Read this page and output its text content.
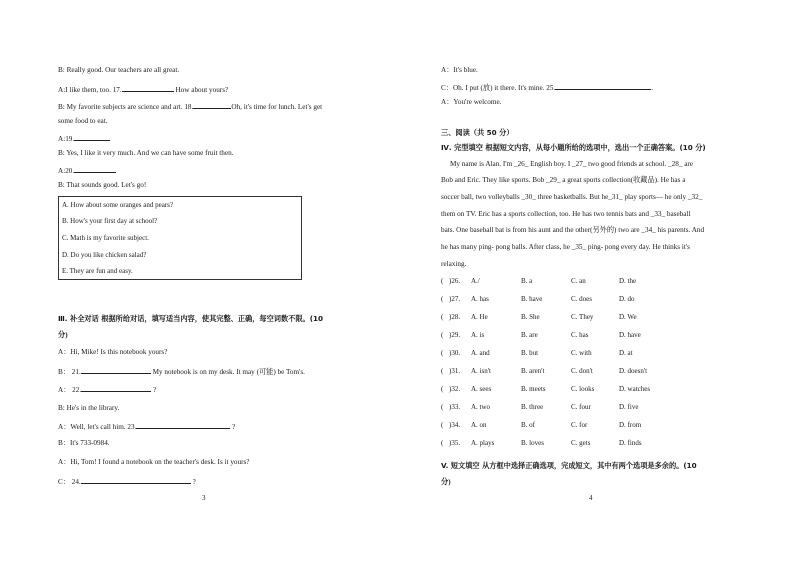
B: Really good. Our teachers are all great.
A:I like them, too. 17.	How about yours?
B: My favorite subjects are science and art. 18.	Oh, it's time for lunch. Let's get
some food to eat.
A:19.
B: Yes, I like it very much. And we can have some fruit then.
A:20.
B: That sounds good. Let's go!
A. How about some oranges and pears?
B. How's your first day at school?
C. Math is my favorite subject.
D. Do you like chicken salad?
E. They are fun and easy.
Ⅲ. 补全对话 根据所给对话，填写适当内容，使其完整、正确，每空词数不限。(10
分)
A：Hi, Mike! Is this notebook yours?
B： 21.	My notebook is on my desk. It may (可能) be Tom's.
A： 22.	?
B: He's in the library.
A：Well, let's call him. 23.	?
B：It's 733-0984.
A：Hi, Tom! I found a notebook on the teacher's desk. Is it yours?
C： 24.	?
3
A：It's blue.
C：Oh. I put (放) it there. It's mine. 25.	.
A：You're welcome.
三、阅读（共 50 分）
Ⅳ. 完型填空 根据短文内容，从每小题所给的选项中，选出一个正确答案。(10 分)
My name is Alan. I'm _26_ English boy. I _27_ two good friends at school. _28_ are
Bob and Eric. They like sports. Bob _29_ a great sports collection(收藏品). He has a
soccer ball, two volleyballs _30_ three basketballs. But he_31_ play sports— he only _32_
them on TV. Eric has a sports collection, too. He has two tennis bats and _33_ baseball
bats. One baseball bat is from his aunt and the other(另外的) two are _34_ his parents. And
he has many ping- pong balls. After class, he _35_ ping- pong every day. He thinks it's
relaxing.
( )26. A./	B. a	C. an	D. the
( )27. A. has	B. have	C. does	D. do
( )28. A. He	B. She	C. They	D. We
( )29. A. is	B. are	C. has	D. have
( )30. A. and	B. but	C. with	D. at
( )31. A. isn't	B. aren't	C. don't	D. doesn't
( )32. A. sees	B. meets	C. looks	D. watches
( )33. A. two	B. three	C. four	D. five
( )34. A. on	B. of	C. for	D. from
( )35. A. plays	B. loves	C. gets	D. finds
V. 短文填空 从方框中选择正确选项，完成短文，其中有两个选项是多余的。(10
分)
4
